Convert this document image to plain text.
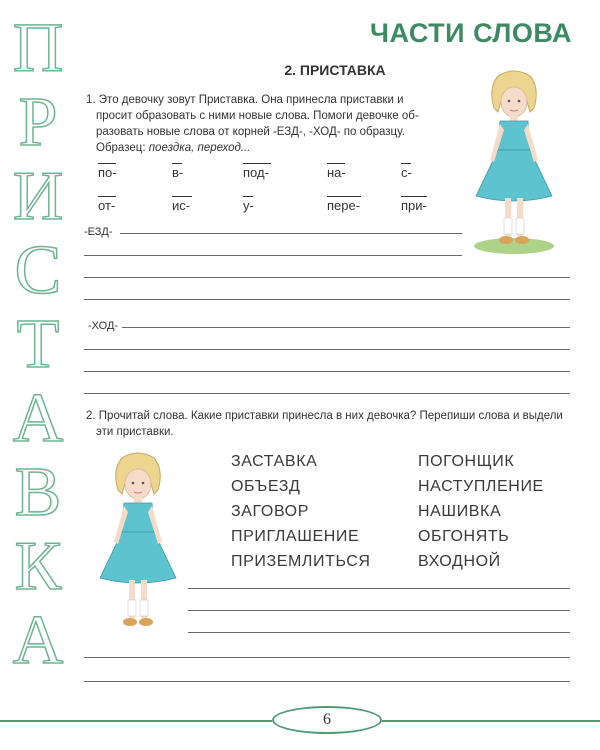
П
Р
И
С
Т
А
В
К
А
ЧАСТИ СЛОВА
2. ПРИСТАВКА
1. Это девочку зовут Приставка. Она принесла приставки и
просит образовать с ними новые слова. Помоги девочке об-
разовать новые слова от корней -ЕЗД-, -ХОД- по образцу.
Образец: поездка, переход...
по-	в-	под-	на-	с-
от-	ис-	у-	пере-	при-
-ЕЗД-
-ХОД-
2. Прочитай слова. Какие приставки принесла в них девочка? Перепиши слова и выдели
эти приставки.
ЗАСТАВКА
ОБЪЕЗД
ЗАГОВОР
ПРИГЛАШЕНИЕ
ПРИЗЕМЛИТЬСЯ
ПОГОНЩИК
НАСТУПЛЕНИЕ
НАШИВКА
ОБГОНЯТЬ
ВХОДНОЙ
6
